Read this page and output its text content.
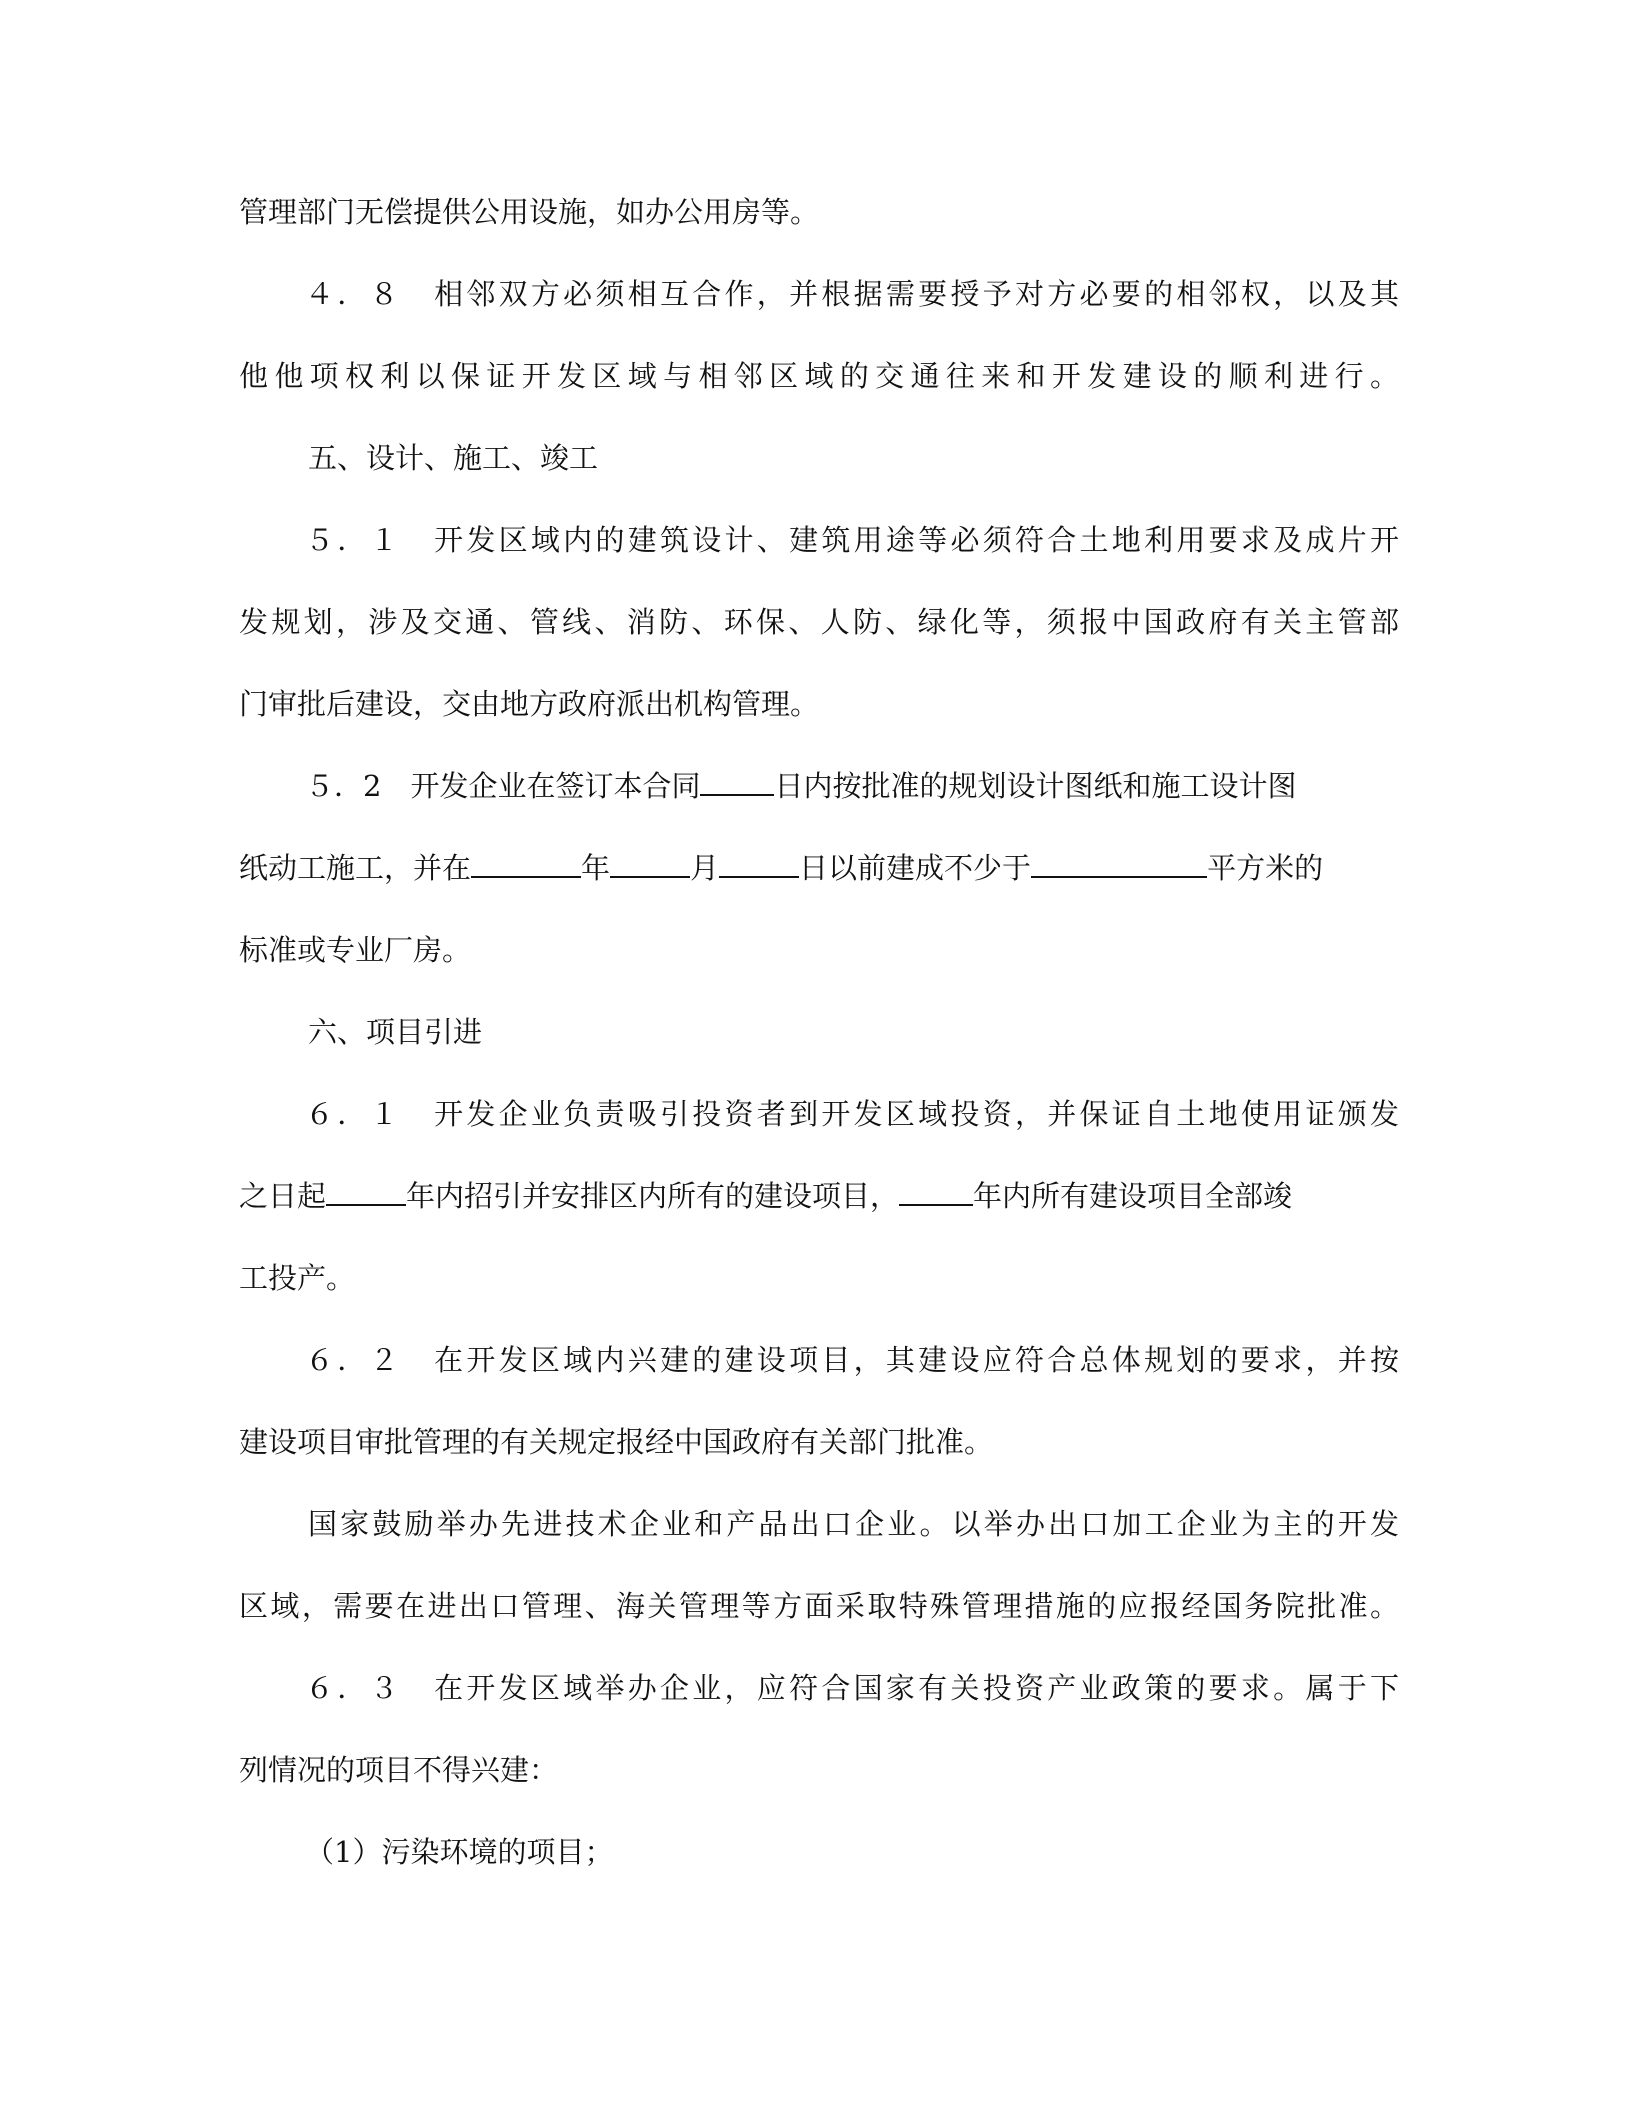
管理部门无偿提供公用设施，如办公用房等。
４．８　相邻双方必须相互合作，并根据需要授予对方必要的相邻权，以及其
他他项权利以保证开发区域与相邻区域的交通往来和开发建设的顺利进行。
五、设计、施工、竣工
５．１　开发区域内的建筑设计、建筑用途等必须符合土地利用要求及成片开
发规划，涉及交通、管线、消防、环保、人防、绿化等，须报中国政府有关主管部
门审批后建设，交由地方政府派出机构管理。
５．2　开发企业在签订本合同	日内按批准的规划设计图纸和施工设计图
纸动工施工，并在	年	月	日以前建成不少于	平方米的
标准或专业厂房。
六、项目引进
６．１　开发企业负责吸引投资者到开发区域投资，并保证自土地使用证颁发
之日起	年内招引并安排区内所有的建设项目，	年内所有建设项目全部竣
工投产。
６．２　在开发区域内兴建的建设项目，其建设应符合总体规划的要求，并按
建设项目审批管理的有关规定报经中国政府有关部门批准。
国家鼓励举办先进技术企业和产品出口企业。以举办出口加工企业为主的开发
区域，需要在进出口管理、海关管理等方面采取特殊管理措施的应报经国务院批准。
６．３　在开发区域举办企业，应符合国家有关投资产业政策的要求。属于下
列情况的项目不得兴建：
（1）污染环境的项目；
